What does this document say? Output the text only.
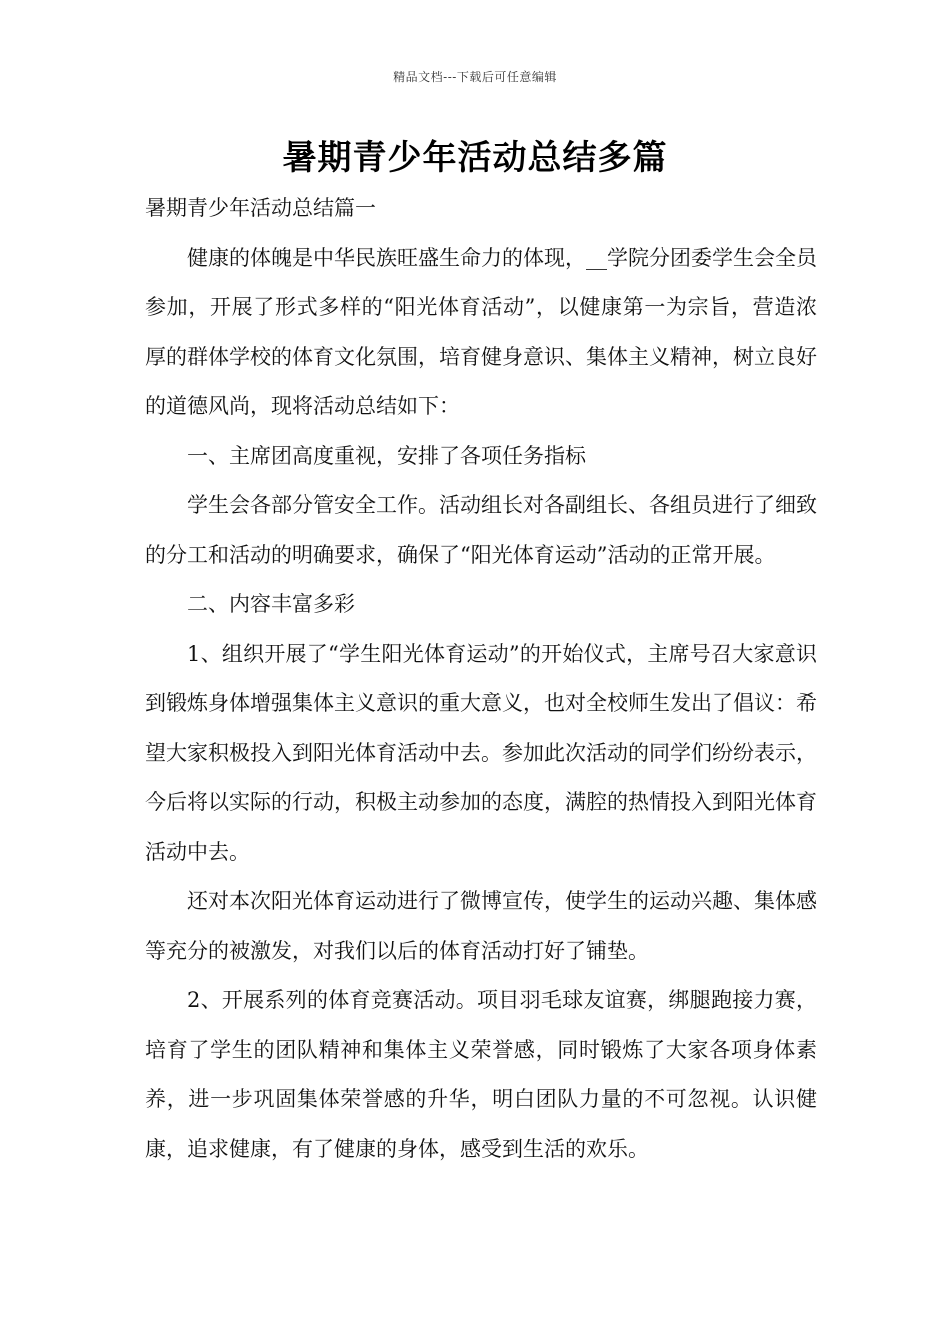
精品文档---下载后可任意编辑
暑期青少年活动总结多篇

暑期青少年活动总结篇一

健康的体魄是中华民族旺盛生命力的体现，__学院分团委学生会全员参加，开展了形式多样的“阳光体育活动”，以健康第一为宗旨，营造浓厚的群体学校的体育文化氛围，培育健身意识、集体主义精神，树立良好的道德风尚，现将活动总结如下：

一、主席团高度重视，安排了各项任务指标

学生会各部分管安全工作。活动组长对各副组长、各组员进行了细致的分工和活动的明确要求，确保了“阳光体育运动”活动的正常开展。

二、内容丰富多彩

1、组织开展了“学生阳光体育运动”的开始仪式，主席号召大家意识到锻炼身体增强集体主义意识的重大意义，也对全校师生发出了倡议：希望大家积极投入到阳光体育活动中去。参加此次活动的同学们纷纷表示，今后将以实际的行动，积极主动参加的态度，满腔的热情投入到阳光体育活动中去。

还对本次阳光体育运动进行了微博宣传，使学生的运动兴趣、集体感等充分的被激发，对我们以后的体育活动打好了铺垫。

2、开展系列的体育竞赛活动。项目羽毛球友谊赛，绑腿跑接力赛，培育了学生的团队精神和集体主义荣誉感，同时锻炼了大家各项身体素养，进一步巩固集体荣誉感的升华，明白团队力量的不可忽视。认识健康，追求健康，有了健康的身体，感受到生活的欢乐。
